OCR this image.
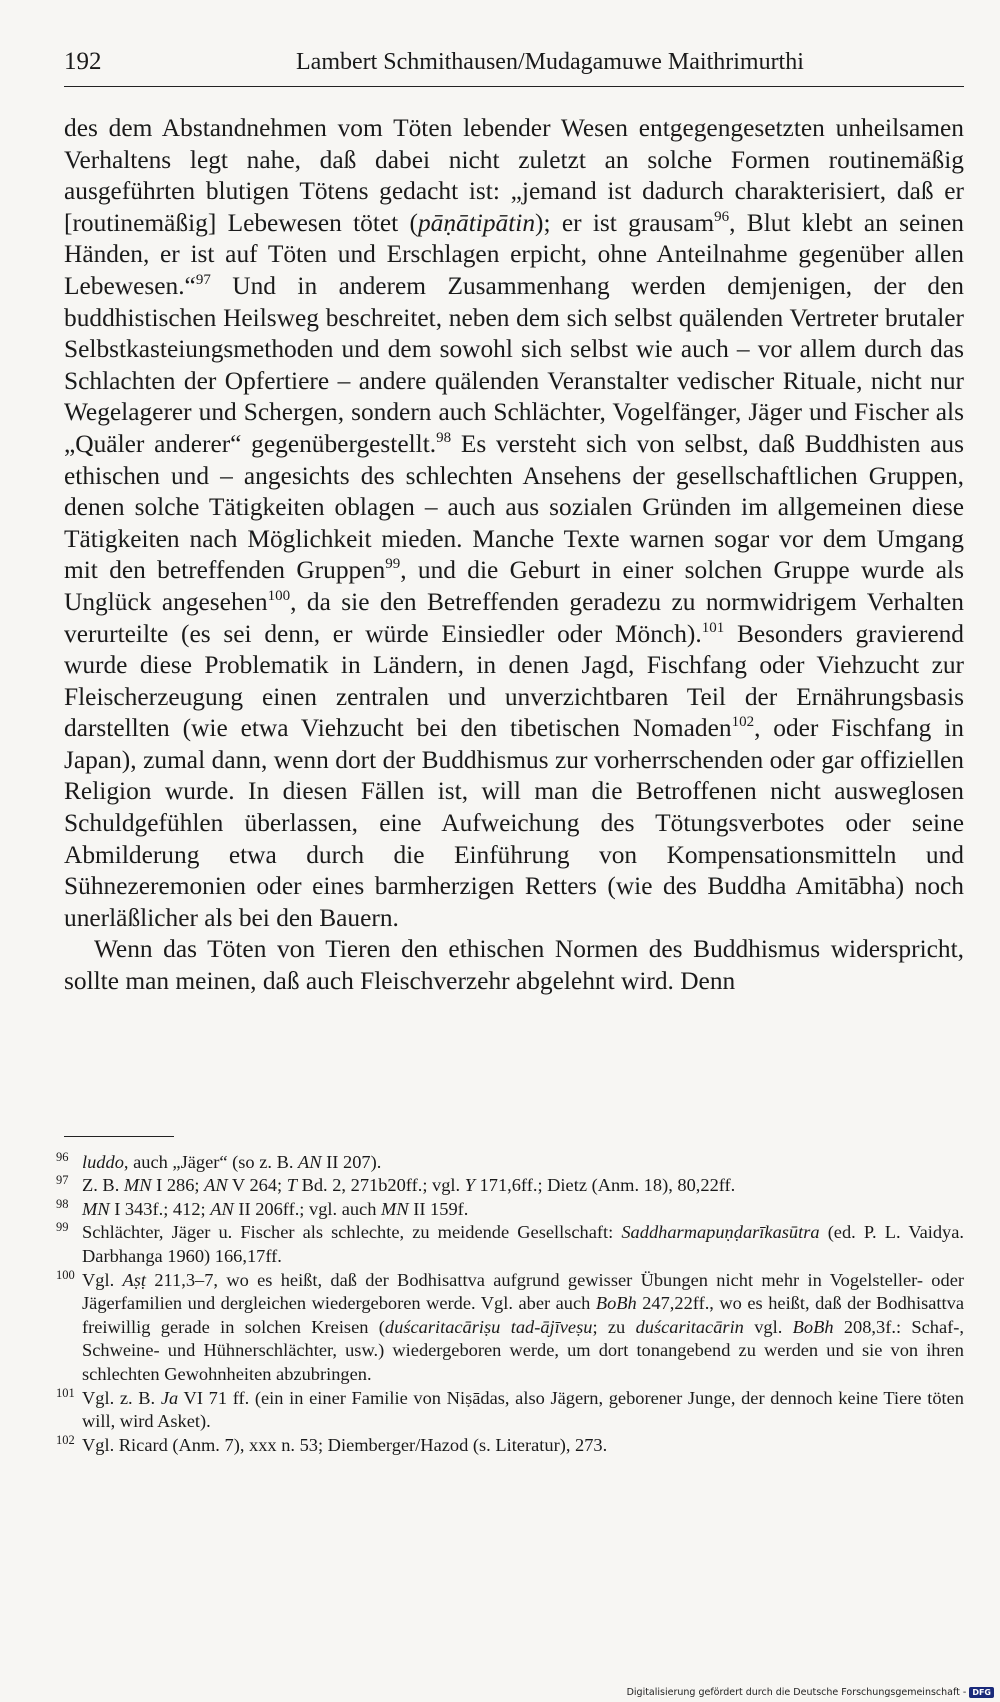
192	Lambert Schmithausen/Mudagamuwe Maithrimurthi

des dem Abstandnehmen vom Töten lebender Wesen entgegengesetzten unheilsamen Verhaltens legt nahe, daß dabei nicht zuletzt an solche Formen routinemäßig ausgeführten blutigen Tötens gedacht ist: „jemand ist dadurch charakterisiert, daß er [routinemäßig] Lebewesen tötet (pāṇātipātin); er ist grausam$^{96}$, Blut klebt an seinen Händen, er ist auf Töten und Erschlagen erpicht, ohne Anteilnahme gegenüber allen Lebewesen.“$^{97}$ Und in anderem Zusammenhang werden demjenigen, der den buddhistischen Heilsweg beschreitet, neben dem sich selbst quälenden Vertreter brutaler Selbstkasteiungsmethoden und dem sowohl sich selbst wie auch – vor allem durch das Schlachten der Opfertiere – andere quälenden Veranstalter vedischer Rituale, nicht nur Wegelagerer und Schergen, sondern auch Schlächter, Vogelfänger, Jäger und Fischer als „Quäler anderer“ gegenübergestellt.$^{98}$ Es versteht sich von selbst, daß Buddhisten aus ethischen und – angesichts des schlechten Ansehens der gesellschaftlichen Gruppen, denen solche Tätigkeiten oblagen – auch aus sozialen Gründen im allgemeinen diese Tätigkeiten nach Möglichkeit mieden. Manche Texte warnen sogar vor dem Umgang mit den betreffenden Gruppen$^{99}$, und die Geburt in einer solchen Gruppe wurde als Unglück angesehen$^{100}$, da sie den Betreffenden geradezu zu normwidrigem Verhalten verurteilte (es sei denn, er würde Einsiedler oder Mönch).$^{101}$ Besonders gravierend wurde diese Problematik in Ländern, in denen Jagd, Fischfang oder Viehzucht zur Fleischerzeugung einen zentralen und unverzichtbaren Teil der Ernährungsbasis darstellten (wie etwa Viehzucht bei den tibetischen Nomaden$^{102}$, oder Fischfang in Japan), zumal dann, wenn dort der Buddhismus zur vorherrschenden oder gar offiziellen Religion wurde. In diesen Fällen ist, will man die Betroffenen nicht ausweglosen Schuldgefühlen überlassen, eine Aufweichung des Tötungsverbotes oder seine Abmilderung etwa durch die Einführung von Kompensationsmitteln und Sühnezeremonien oder eines barmherzigen Retters (wie des Buddha Amitābha) noch unerläßlicher als bei den Bauern.

Wenn das Töten von Tieren den ethischen Normen des Buddhismus widerspricht, sollte man meinen, daß auch Fleischverzehr abgelehnt wird. Denn

96 luddo, auch „Jäger“ (so z. B. AN II 207).
97 Z. B. MN I 286; AN V 264; T Bd. 2, 271b20ff.; vgl. Y 171,6ff.; Dietz (Anm. 18), 80,22ff.
98 MN I 343f.; 412; AN II 206ff.; vgl. auch MN II 159f.
99 Schlächter, Jäger u. Fischer als schlechte, zu meidende Gesellschaft: Saddharmapuṇḍarīkasūtra (ed. P. L. Vaidya. Darbhanga 1960) 166,17ff.
100 Vgl. Aṣṭ 211,3–7, wo es heißt, daß der Bodhisattva aufgrund gewisser Übungen nicht mehr in Vogelsteller- oder Jägerfamilien und dergleichen wiedergeboren werde. Vgl. aber auch BoBh 247,22ff., wo es heißt, daß der Bodhisattva freiwillig gerade in solchen Kreisen (duścaritacāriṣu tad-ājīveṣu; zu duścaritacārin vgl. BoBh 208,3f.: Schaf-, Schweine- und Hühnerschlächter, usw.) wiedergeboren werde, um dort tonangebend zu werden und sie von ihren schlechten Gewohnheiten abzubringen.
101 Vgl. z. B. Ja VI 71 ff. (ein in einer Familie von Niṣādas, also Jägern, geborener Junge, der dennoch keine Tiere töten will, wird Asket).
102 Vgl. Ricard (Anm. 7), xxx n. 53; Diemberger/Hazod (s. Literatur), 273.
Digitalisierung gefördert durch die Deutsche Forschungsgemeinschaft - DFG
